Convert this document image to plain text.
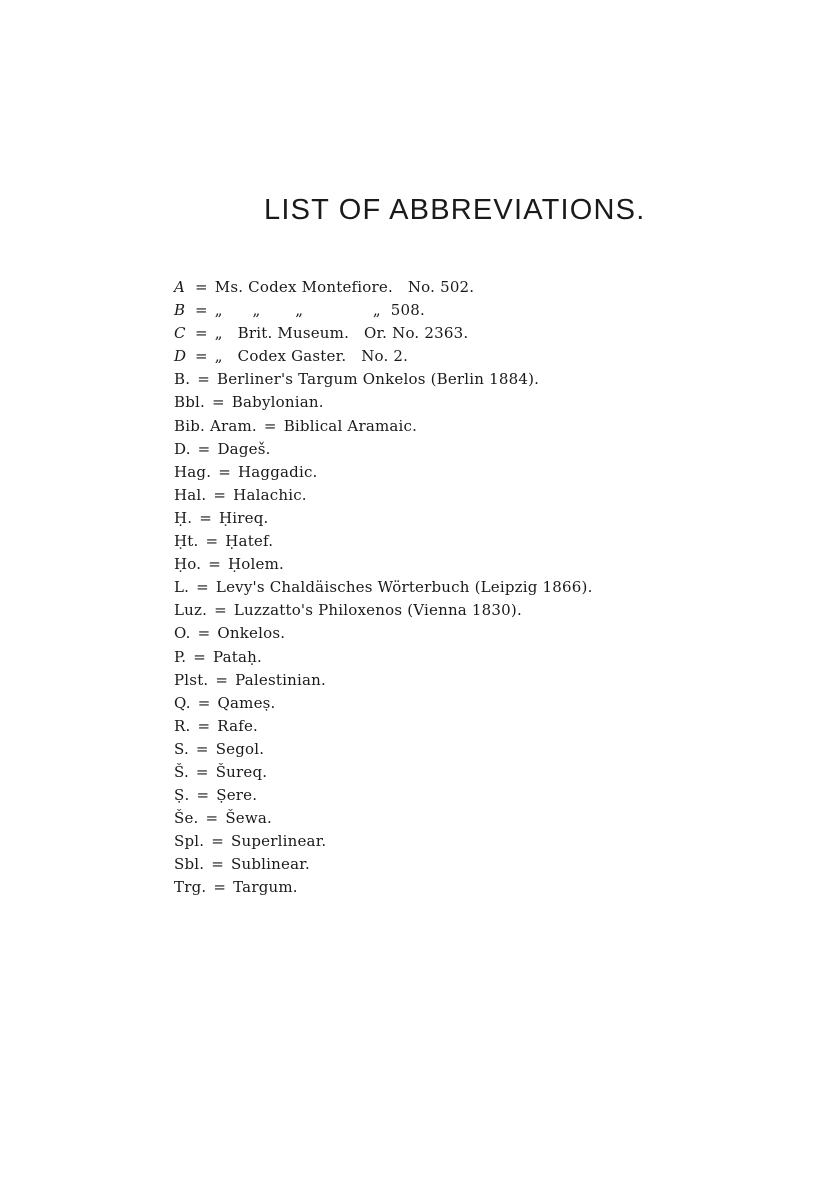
LIST OF ABBREVIATIONS.
A = Ms. Codex Montefiore.   No. 502.
B = „      „       „              „  508.
C = „   Brit. Museum.   Or. No. 2363.
D = „   Codex Gaster.   No. 2.
B. = Berliner's Targum Onkelos (Berlin 1884).
Bbl. = Babylonian.
Bib. Aram. = Biblical Aramaic.
D. = Dageš.
Hag. = Haggadic.
Hal. = Halachic.
Ḥ. = Ḥireq.
Ḥt. = Ḥatef.
Ḥo. = Ḥolem.
L. = Levy's Chaldäisches Wörterbuch (Leipzig 1866).
Luz. = Luzzatto's Philoxenos (Vienna 1830).
O. = Onkelos.
P. = Pataḥ.
Plst. = Palestinian.
Q. = Qameṣ.
R. = Rafe.
S. = Segol.
Š. = Šureq.
Ṣ. = Ṣere.
Še. = Šewa.
Spl. = Superlinear.
Sbl. = Sublinear.
Trg. = Targum.
